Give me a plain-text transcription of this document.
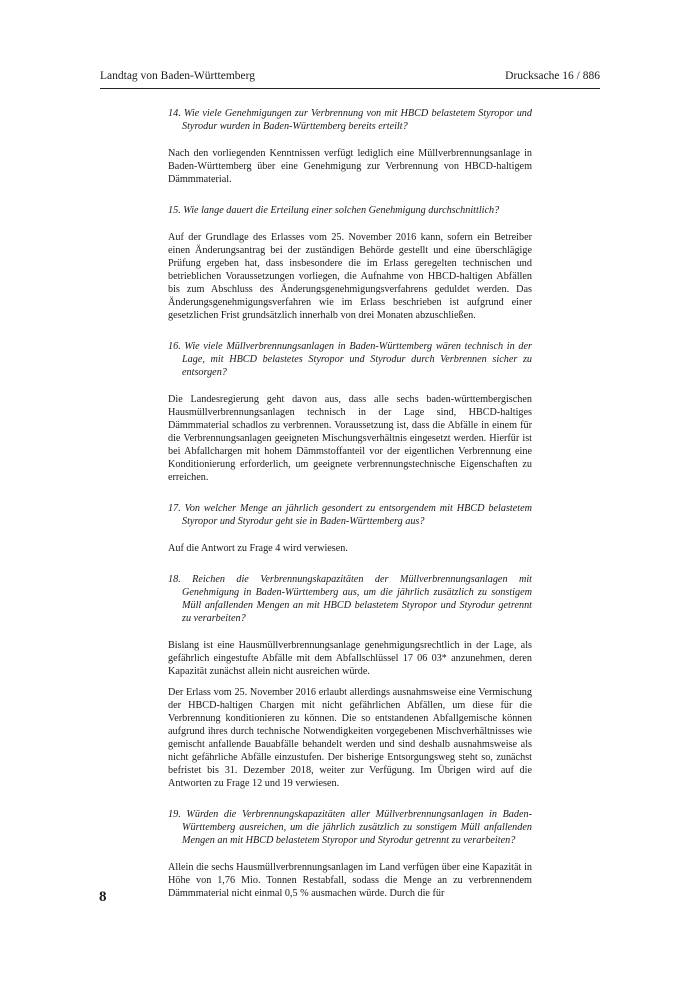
Landtag von Baden-Württemberg	Drucksache 16 / 886

14. Wie viele Genehmigungen zur Verbrennung von mit HBCD belastetem Styropor und Styrodur wurden in Baden-Württemberg bereits erteilt?

Nach den vorliegenden Kenntnissen verfügt lediglich eine Müllverbrennungsanlage in Baden-Württemberg über eine Genehmigung zur Verbrennung von HBCD-haltigem Dämmmaterial.

15. Wie lange dauert die Erteilung einer solchen Genehmigung durchschnittlich?

Auf der Grundlage des Erlasses vom 25. November 2016 kann, sofern ein Betreiber einen Änderungsantrag bei der zuständigen Behörde gestellt und eine überschlägige Prüfung ergeben hat, dass insbesondere die im Erlass geregelten technischen und betrieblichen Voraussetzungen vorliegen, die Aufnahme von HBCD-haltigen Abfällen bis zum Abschluss des Änderungsgenehmigungsverfahrens geduldet werden. Das Änderungsgenehmigungsverfahren wie im Erlass beschrieben ist aufgrund einer gesetzlichen Frist grundsätzlich innerhalb von drei Monaten abzuschließen.

16. Wie viele Müllverbrennungsanlagen in Baden-Württemberg wären technisch in der Lage, mit HBCD belastetes Styropor und Styrodur durch Verbrennen sicher zu entsorgen?

Die Landesregierung geht davon aus, dass alle sechs baden-württembergischen Hausmüllverbrennungsanlagen technisch in der Lage sind, HBCD-haltiges Dämmmaterial schadlos zu verbrennen. Voraussetzung ist, dass die Abfälle in einem für die Verbrennungsanlagen geeigneten Mischungsverhältnis eingesetzt werden. Hierfür ist bei Abfallchargen mit hohem Dämmstoffanteil vor der eigentlichen Verbrennung eine Konditionierung erforderlich, um geeignete verbrennungstechnische Eigenschaften zu erreichen.

17. Von welcher Menge an jährlich gesondert zu entsorgendem mit HBCD belastetem Styropor und Styrodur geht sie in Baden-Württemberg aus?

Auf die Antwort zu Frage 4 wird verwiesen.

18. Reichen die Verbrennungskapazitäten der Müllverbrennungsanlagen mit Genehmigung in Baden-Württemberg aus, um die jährlich zusätzlich zu sonstigem Müll anfallenden Mengen an mit HBCD belastetem Styropor und Styrodur getrennt zu verarbeiten?

Bislang ist eine Hausmüllverbrennungsanlage genehmigungsrechtlich in der Lage, als gefährlich eingestufte Abfälle mit dem Abfallschlüssel 17 06 03* anzunehmen, deren Kapazität zunächst allein nicht ausreichen würde.

Der Erlass vom 25. November 2016 erlaubt allerdings ausnahmsweise eine Vermischung der HBCD-haltigen Chargen mit nicht gefährlichen Abfällen, um diese für die Verbrennung konditionieren zu können. Die so entstandenen Abfallgemische können aufgrund ihres durch technische Notwendigkeiten vorgegebenen Mischverhältnisses wie gemischt anfallende Bauabfälle behandelt werden und sind deshalb ausnahmsweise als nicht gefährliche Abfälle einzustufen. Der bisherige Entsorgungsweg steht so, zunächst befristet bis 31. Dezember 2018, weiter zur Verfügung. Im Übrigen wird auf die Antworten zu Frage 12 und 19 verwiesen.

19. Würden die Verbrennungskapazitäten aller Müllverbrennungsanlagen in Baden-Württemberg ausreichen, um die jährlich zusätzlich zu sonstigem Müll anfallenden Mengen an mit HBCD belastetem Styropor und Styrodur getrennt zu verarbeiten?

Allein die sechs Hausmüllverbrennungsanlagen im Land verfügen über eine Kapazität in Höhe von 1,76 Mio. Tonnen Restabfall, sodass die Menge an zu verbrennendem Dämmmaterial nicht einmal 0,5 % ausmachen würde. Durch die für

8
